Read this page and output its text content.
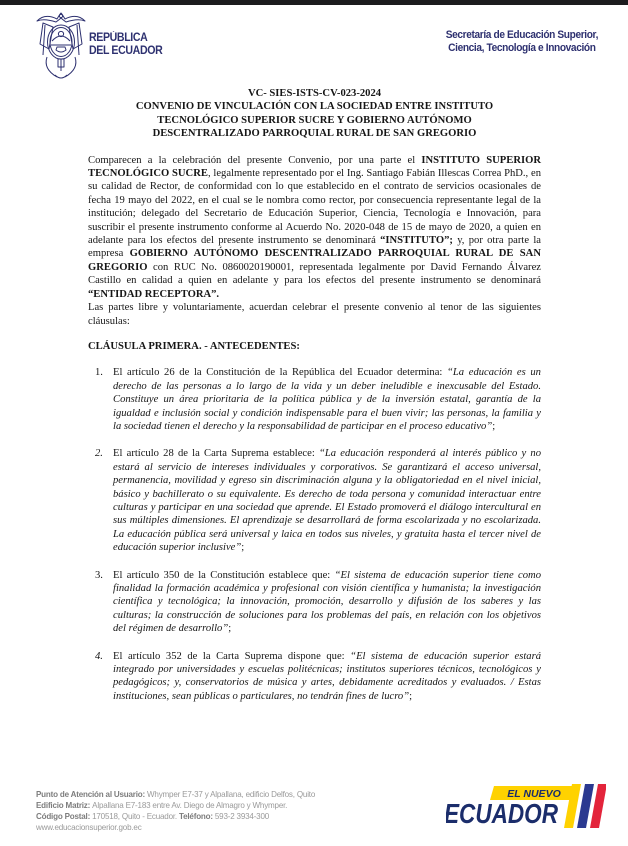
REPÚBLICA
DEL ECUADOR
Secretaría de Educación Superior,
Ciencia, Tecnología e Innovación
VC- SIES-ISTS-CV-023-2024
CONVENIO DE VINCULACIÓN CON LA SOCIEDAD ENTRE INSTITUTO
TECNOLÓGICO SUPERIOR SUCRE Y GOBIERNO AUTÓNOMO
DESCENTRALIZADO PARROQUIAL RURAL DE SAN GREGORIO

Comparecen a la celebración del presente Convenio, por una parte el INSTITUTO SUPERIOR TECNOLÓGICO SUCRE, legalmente representado por el Ing. Santiago Fabián Illescas Correa PhD., en su calidad de Rector, de conformidad con lo que establecido en el contrato de servicios ocasionales de fecha 19 mayo del 2022, en el cual se le nombra como rector, por consecuencia representante legal de la institución; delegado del Secretario de Educación Superior, Ciencia, Tecnología e Innovación, para suscribir el presente instrumento conforme al Acuerdo No. 2020-048 de 15 de mayo de 2020, a quien en adelante para los efectos del presente instrumento se denominará “INSTITUTO”; y, por otra parte la empresa GOBIERNO AUTÓNOMO DESCENTRALIZADO PARROQUIAL RURAL DE SAN GREGORIO con RUC No. 0860020190001, representada legalmente por David Fernando Álvarez Castillo en calidad a quien en adelante y para los efectos del presente instrumento se denominará “ENTIDAD RECEPTORA”.

Las partes libre y voluntariamente, acuerdan celebrar el presente convenio al tenor de las siguientes cláusulas:

CLÁUSULA PRIMERA. - ANTECEDENTES:
1. El artículo 26 de la Constitución de la República del Ecuador determina: “La educación es un derecho de las personas a lo largo de la vida y un deber ineludible e inexcusable del Estado. Constituye un área prioritaria de la política pública y de la inversión estatal, garantía de la igualdad e inclusión social y condición indispensable para el buen vivir; las personas, la familia y la sociedad tienen el derecho y la responsabilidad de participar en el proceso educativo”;
2. El artículo 28 de la Carta Suprema establece: “La educación responderá al interés público y no estará al servicio de intereses individuales y corporativos. Se garantizará el acceso universal, permanencia, movilidad y egreso sin discriminación alguna y la obligatoriedad en el nivel inicial, básico y bachillerato o su equivalente. Es derecho de toda persona y comunidad interactuar entre culturas y participar en una sociedad que aprende. El Estado promoverá el diálogo intercultural en sus múltiples dimensiones. El aprendizaje se desarrollará de forma escolarizada y no escolarizada. La educación pública será universal y laica en todos sus niveles, y gratuita hasta el tercer nivel de educación superior inclusive”;
3. El artículo 350 de la Constitución establece que: “El sistema de educación superior tiene como finalidad la formación académica y profesional con visión científica y humanista; la investigación científica y tecnológica; la innovación, promoción, desarrollo y difusión de los saberes y las culturas; la construcción de soluciones para los problemas del país, en relación con los objetivos del régimen de desarrollo”;
4. El artículo 352 de la Carta Suprema dispone que: “El sistema de educación superior estará integrado por universidades y escuelas politécnicas; institutos superiores técnicos, tecnológicos y pedagógicos; y, conservatorios de música y artes, debidamente acreditados y evaluados. / Estas instituciones, sean públicas o particulares, no tendrán fines de lucro”;
Punto de Atención al Usuario: Whymper E7-37 y Alpallana, edificio Delfos, Quito
Edificio Matriz: Alpallana E7-183 entre Av. Diego de Almagro y Whymper.
Código Postal: 170518, Quito - Ecuador. Teléfono: 593-2 3934-300
www.educacionsuperior.gob.ec
EL NUEVO
ECUADOR
